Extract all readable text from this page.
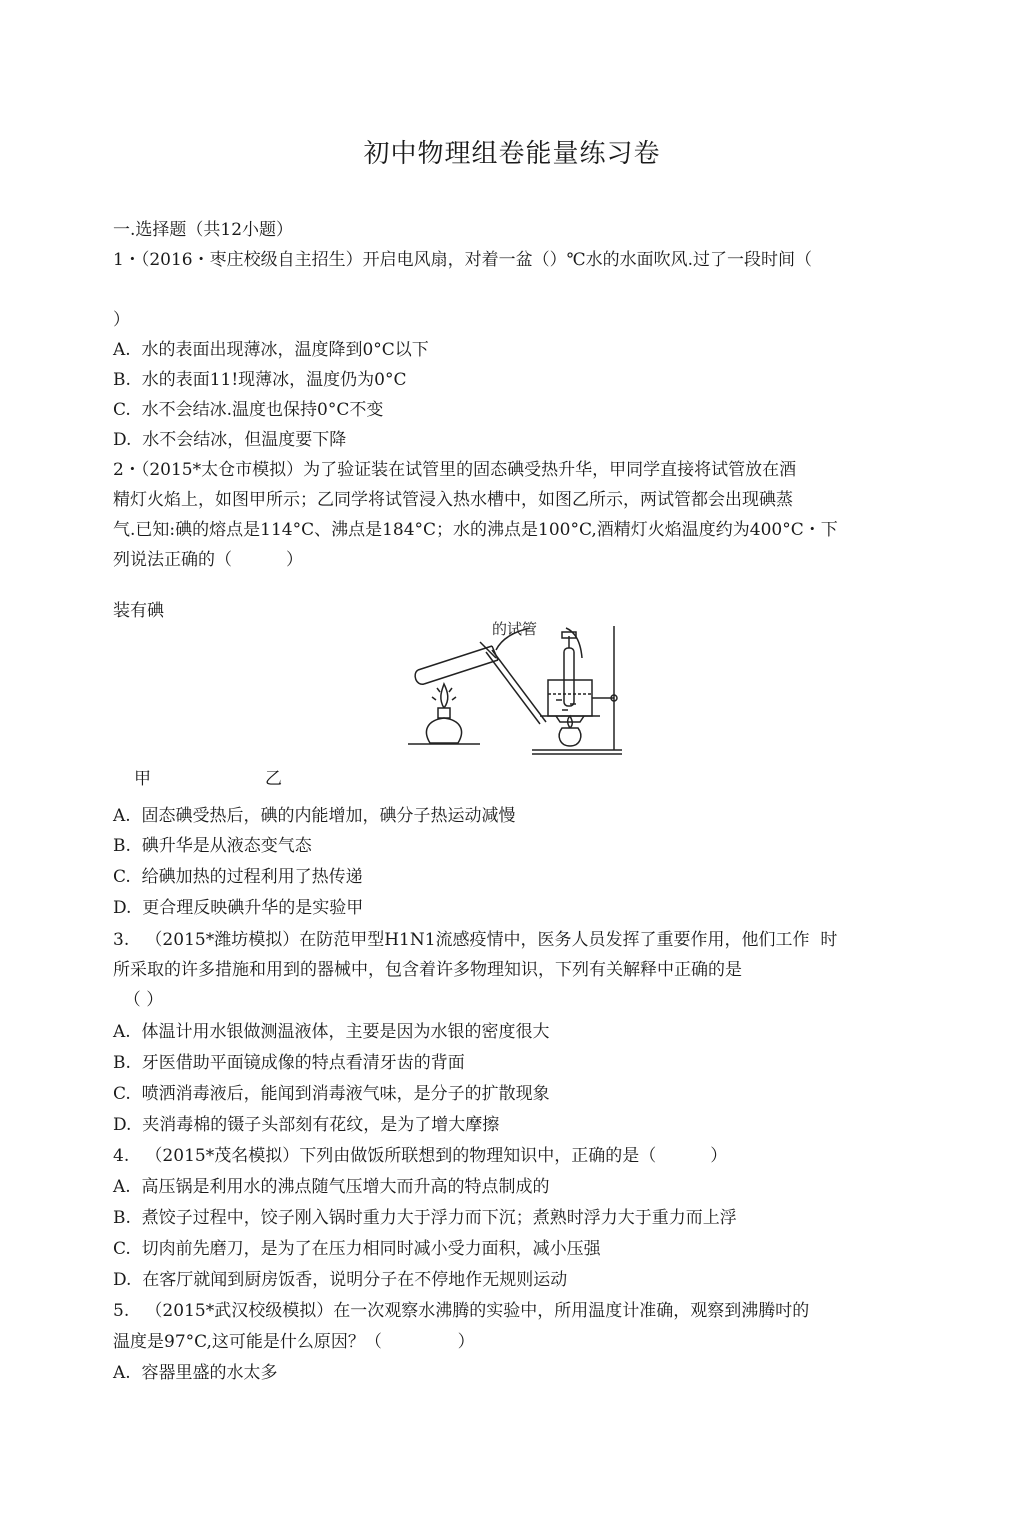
初中物理组卷能量练习卷
一.选择题（共12小题）
1・（2016・枣庄校级自主招生）开启电风扇，对着一盆（）℃水的水面吹风.过了一段时间（
）
A.  水的表面出现薄冰，温度降到0°C以下
B.  水的表面11!现薄冰，温度仍为0°C
C.  水不会结冰.温度也保持0°C不变
D.  水不会结冰，但温度要下降
2・（2015*太仓市模拟）为了验证装在试管里的固态碘受热升华，甲同学直接将试管放在酒
精灯火焰上，如图甲所示；乙同学将试管浸入热水槽中，如图乙所示，两试管都会出现碘蒸
气.已知:碘的熔点是114°C、沸点是184°C；水的沸点是100°C,酒精灯火焰温度约为400°C・下
列说法正确的（          ）
装有碘
的试管
甲	乙
A.  固态碘受热后，碘的内能增加，碘分子热运动减慢
B.  碘升华是从液态变气态
C.  给碘加热的过程利用了热传递
D.  更合理反映碘升华的是实验甲
3.   （2015*潍坊模拟）在防范甲型H1N1流感疫情中，医务人员发挥了重要作用，他们工作  时
所采取的许多措施和用到的器械中，包含着许多物理知识，下列有关解释中正确的是
（ ）
A.  体温计用水银做测温液体，主要是因为水银的密度很大
B.  牙医借助平面镜成像的特点看清牙齿的背面
C.  喷洒消毒液后，能闻到消毒液气味，是分子的扩散现象
D.  夹消毒棉的镊子头部刻有花纹，是为了增大摩擦
4.   （2015*茂名模拟）下列由做饭所联想到的物理知识中，正确的是（          ）
A.  高压锅是利用水的沸点随气压增大而升高的特点制成的
B.  煮饺子过程中，饺子刚入锅时重力大于浮力而下沉；煮熟时浮力大于重力而上浮
C.  切肉前先磨刀，是为了在压力相同时减小受力面积，减小压强
D.  在客厅就闻到厨房饭香，说明分子在不停地作无规则运动
5.   （2015*武汉校级模拟）在一次观察水沸腾的实验中，所用温度计准确，观察到沸腾吋的
温度是97°C,这可能是什么原因？（              ）
A.  容器里盛的水太多
